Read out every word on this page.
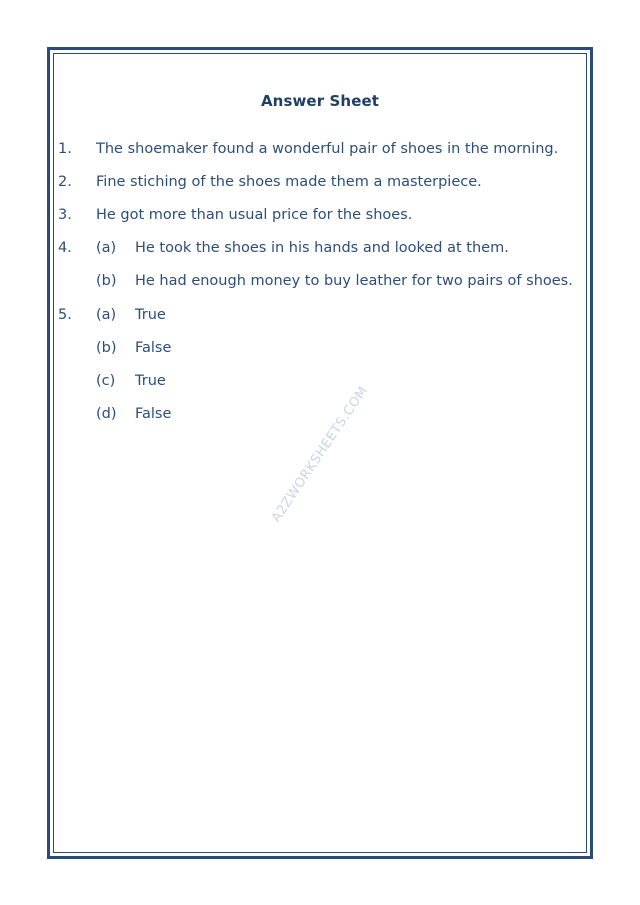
Answer Sheet
1. The shoemaker found a wonderful pair of shoes in the morning.
2. Fine stiching of the shoes made them a masterpiece.
3. He got more than usual price for the shoes.
4. (a) He took the shoes in his hands and looked at them.
(b) He had enough money to buy leather for two pairs of shoes.
5. (a) True
(b) False
(c) True
(d) False	A2ZWORKSHEETS.COM
